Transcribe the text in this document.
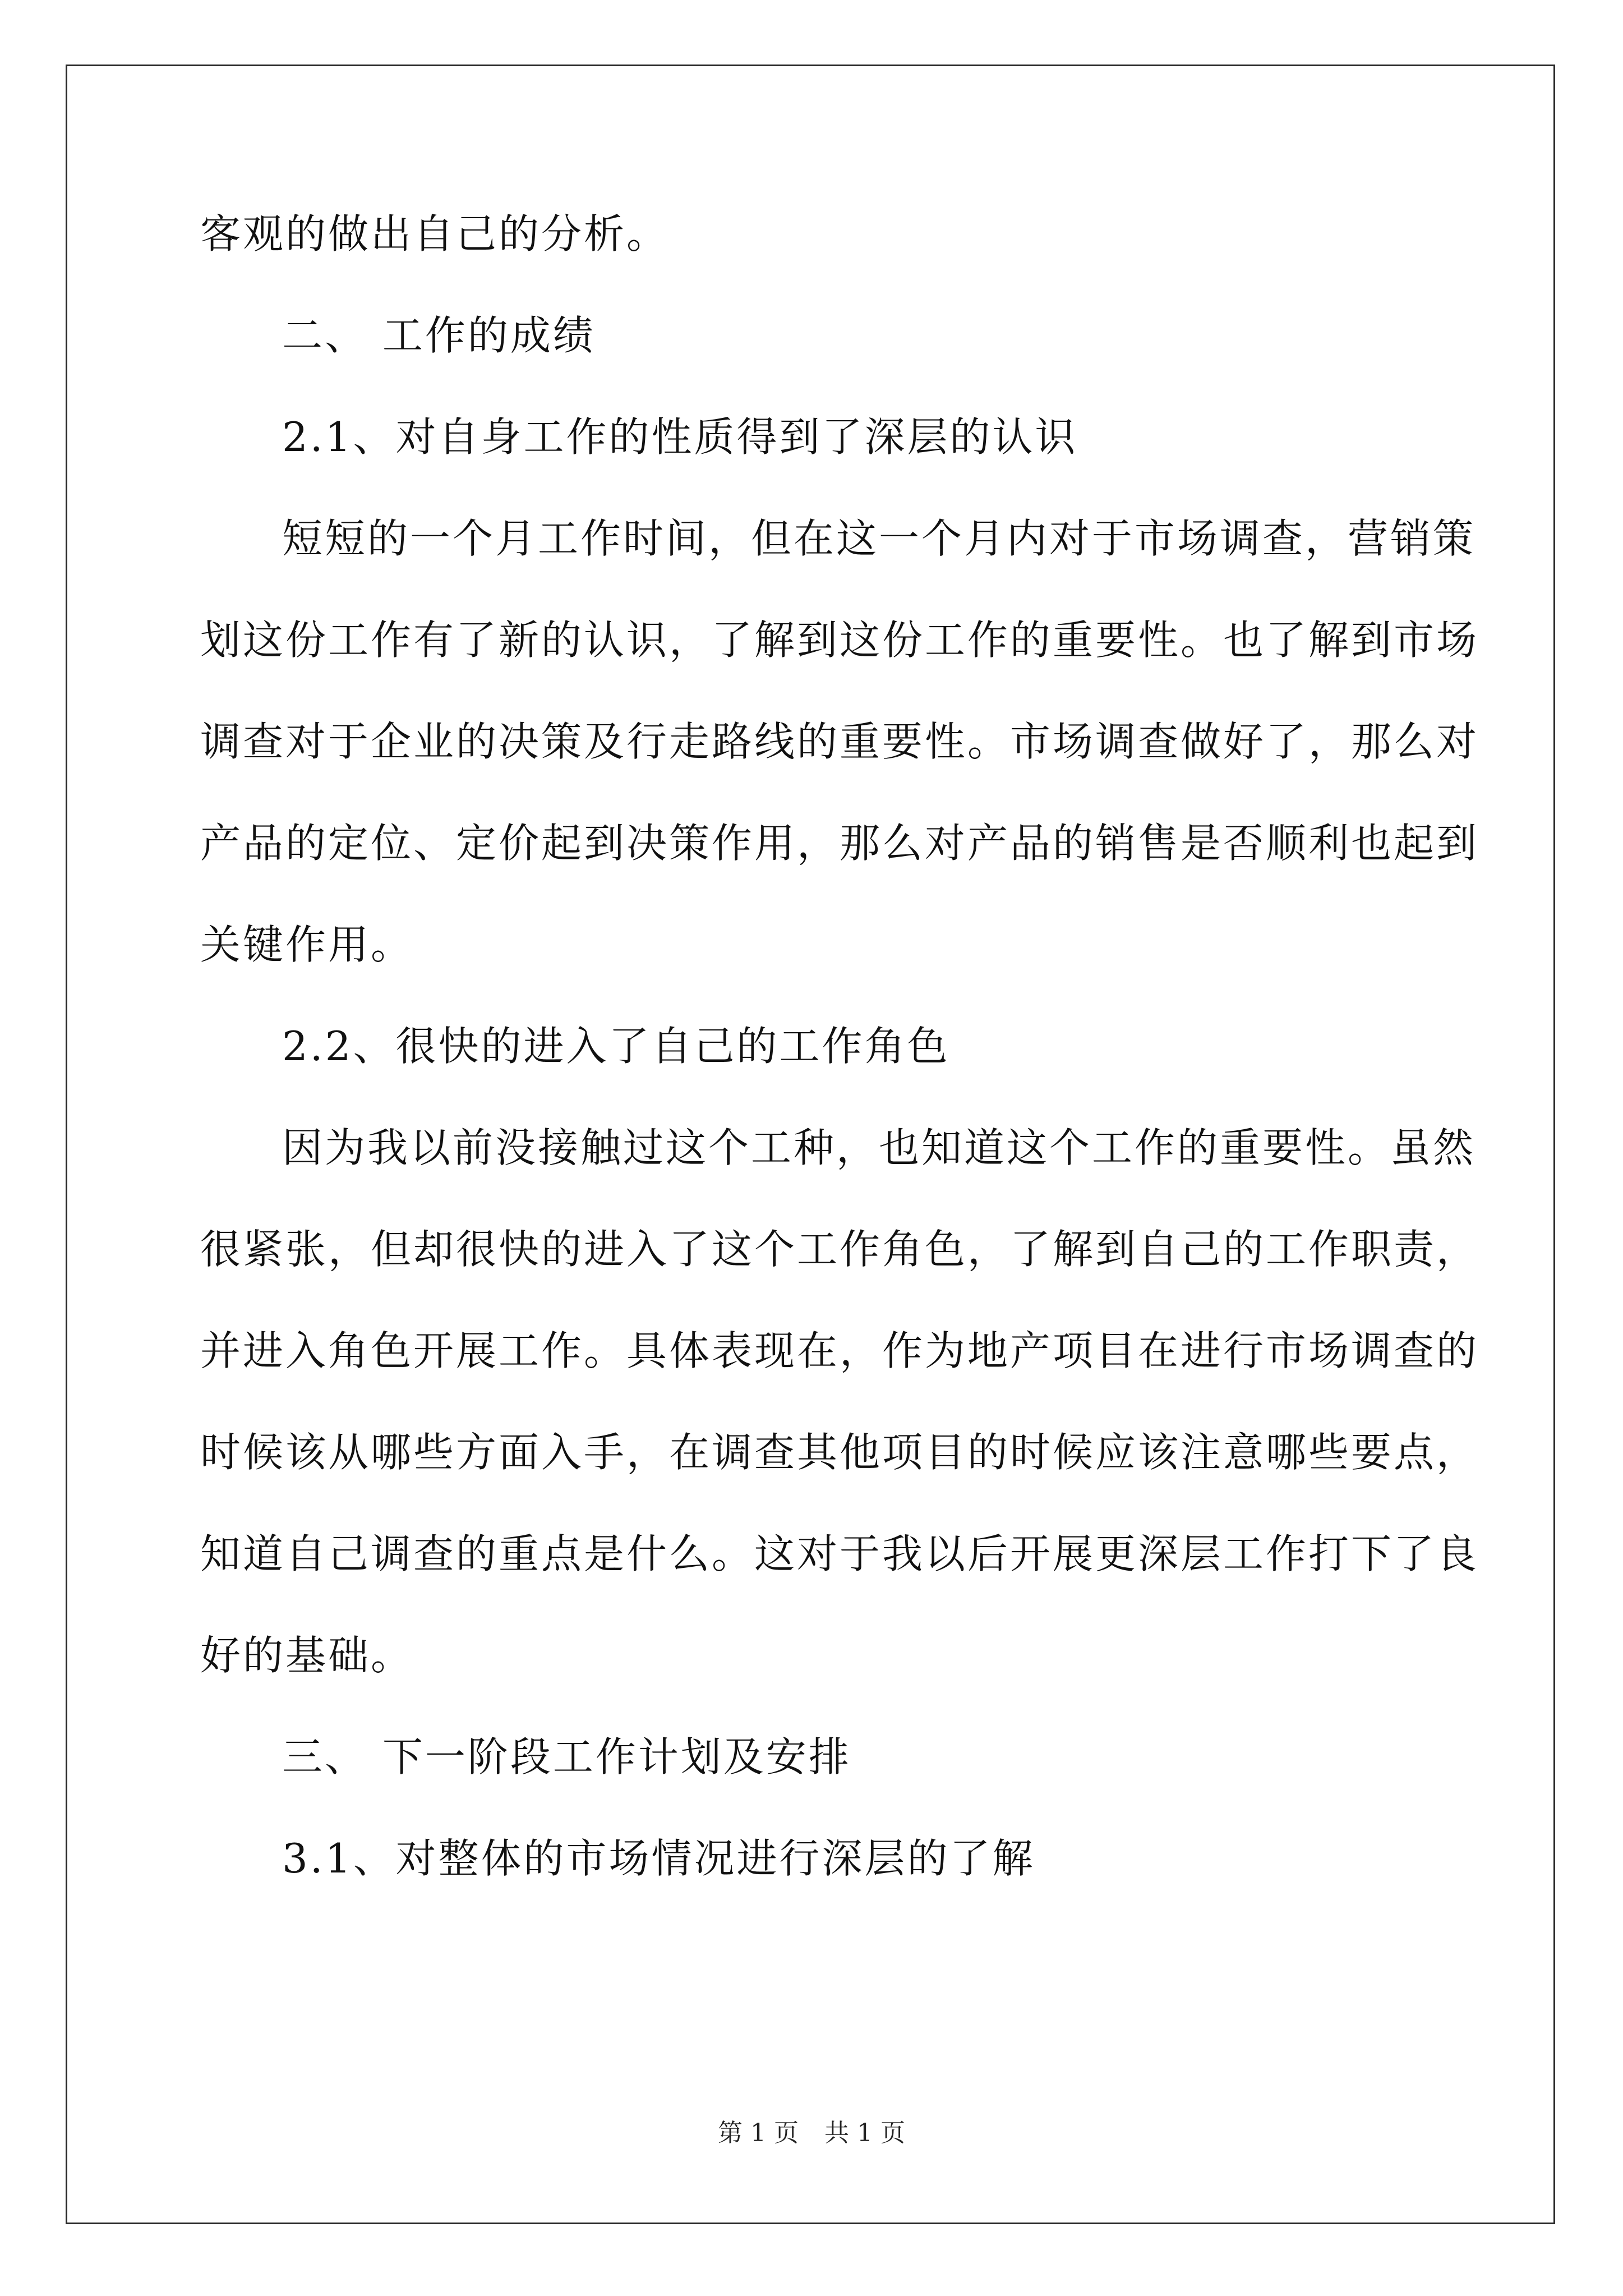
客观的做出自己的分析。
二、 工作的成绩
2.1、对自身工作的性质得到了深层的认识
短短的一个月工作时间，但在这一个月内对于市场调查，营销策
划这份工作有了新的认识，了解到这份工作的重要性。也了解到市场
调查对于企业的决策及行走路线的重要性。市场调查做好了，那么对
产品的定位、定价起到决策作用，那么对产品的销售是否顺利也起到
关键作用。
2.2、很快的进入了自己的工作角色
因为我以前没接触过这个工种，也知道这个工作的重要性。虽然
很紧张，但却很快的进入了这个工作角色，了解到自己的工作职责，
并进入角色开展工作。具体表现在，作为地产项目在进行市场调查的
时候该从哪些方面入手，在调查其他项目的时候应该注意哪些要点，
知道自己调查的重点是什么。这对于我以后开展更深层工作打下了良
好的基础。
三、 下一阶段工作计划及安排
3.1、对整体的市场情况进行深层的了解
第 1 页 共 1 页
